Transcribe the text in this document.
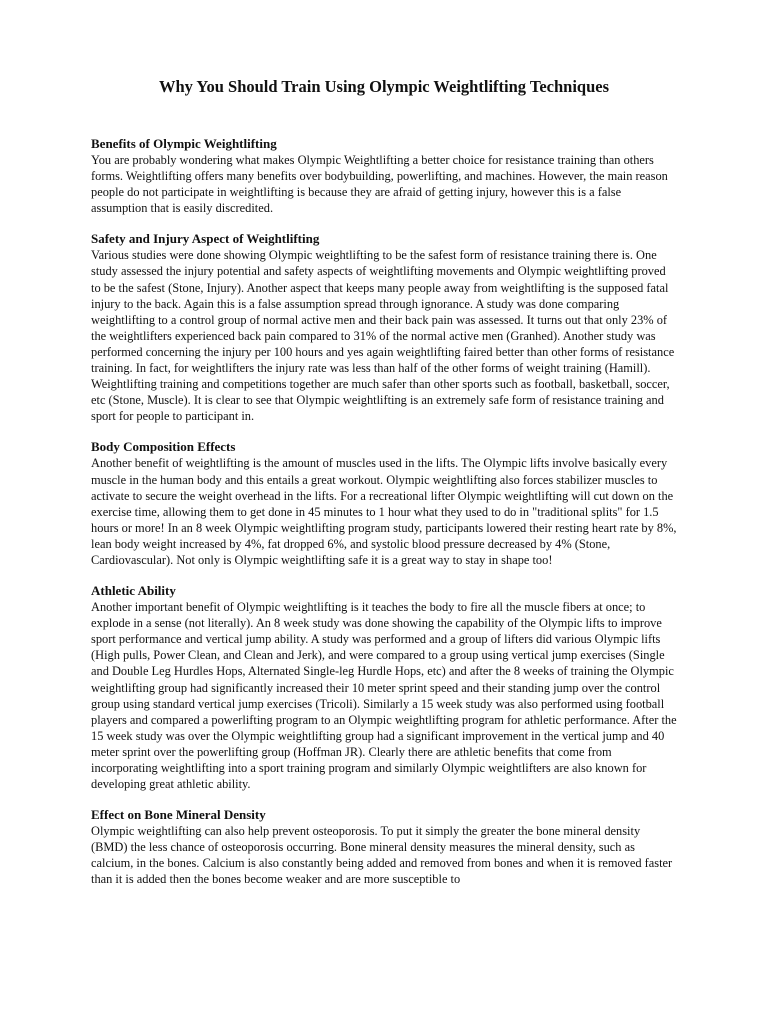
Why You Should Train Using Olympic Weightlifting Techniques
Benefits of Olympic Weightlifting

You are probably wondering what makes Olympic Weightlifting a better choice for resistance training than others forms. Weightlifting offers many benefits over bodybuilding, powerlifting, and machines. However, the main reason people do not participate in weightlifting is because they are afraid of getting injury, however this is a false assumption that is easily discredited.

Safety and Injury Aspect of Weightlifting

Various studies were done showing Olympic weightlifting to be the safest form of resistance training there is. One study assessed the injury potential and safety aspects of weightlifting movements and Olympic weightlifting proved to be the safest (Stone, Injury). Another aspect that keeps many people away from weightlifting is the supposed fatal injury to the back. Again this is a false assumption spread through ignorance. A study was done comparing weightlifting to a control group of normal active men and their back pain was assessed. It turns out that only 23% of the weightlifters experienced back pain compared to 31% of the normal active men (Granhed). Another study was performed concerning the injury per 100 hours and yes again weightlifting faired better than other forms of resistance training. In fact, for weightlifters the injury rate was less than half of the other forms of weight training (Hamill). Weightlifting training and competitions together are much safer than other sports such as football, basketball, soccer, etc (Stone, Muscle). It is clear to see that Olympic weightlifting is an extremely safe form of resistance training and sport for people to participant in.

Body Composition Effects

Another benefit of weightlifting is the amount of muscles used in the lifts. The Olympic lifts involve basically every muscle in the human body and this entails a great workout. Olympic weightlifting also forces stabilizer muscles to activate to secure the weight overhead in the lifts. For a recreational lifter Olympic weightlifting will cut down on the exercise time, allowing them to get done in 45 minutes to 1 hour what they used to do in "traditional splits" for 1.5 hours or more! In an 8 week Olympic weightlifting program study, participants lowered their resting heart rate by 8%, lean body weight increased by 4%, fat dropped 6%, and systolic blood pressure decreased by 4% (Stone, Cardiovascular). Not only is Olympic weightlifting safe it is a great way to stay in shape too!

Athletic Ability

Another important benefit of Olympic weightlifting is it teaches the body to fire all the muscle fibers at once; to explode in a sense (not literally). An 8 week study was done showing the capability of the Olympic lifts to improve sport performance and vertical jump ability. A study was performed and a group of lifters did various Olympic lifts (High pulls, Power Clean, and Clean and Jerk), and were compared to a group using vertical jump exercises (Single and Double Leg Hurdles Hops, Alternated Single-leg Hurdle Hops, etc) and after the 8 weeks of training the Olympic weightlifting group had significantly increased their 10 meter sprint speed and their standing jump over the control group using standard vertical jump exercises (Tricoli). Similarly a 15 week study was also performed using football players and compared a powerlifting program to an Olympic weightlifting program for athletic performance. After the 15 week study was over the Olympic weightlifting group had a significant improvement in the vertical jump and 40 meter sprint over the powerlifting group (Hoffman JR). Clearly there are athletic benefits that come from incorporating weightlifting into a sport training program and similarly Olympic weightlifters are also known for developing great athletic ability.

Effect on Bone Mineral Density

Olympic weightlifting can also help prevent osteoporosis. To put it simply the greater the bone mineral density (BMD) the less chance of osteoporosis occurring. Bone mineral density measures the mineral density, such as calcium, in the bones. Calcium is also constantly being added and removed from bones and when it is removed faster than it is added then the bones become weaker and are more susceptible to
